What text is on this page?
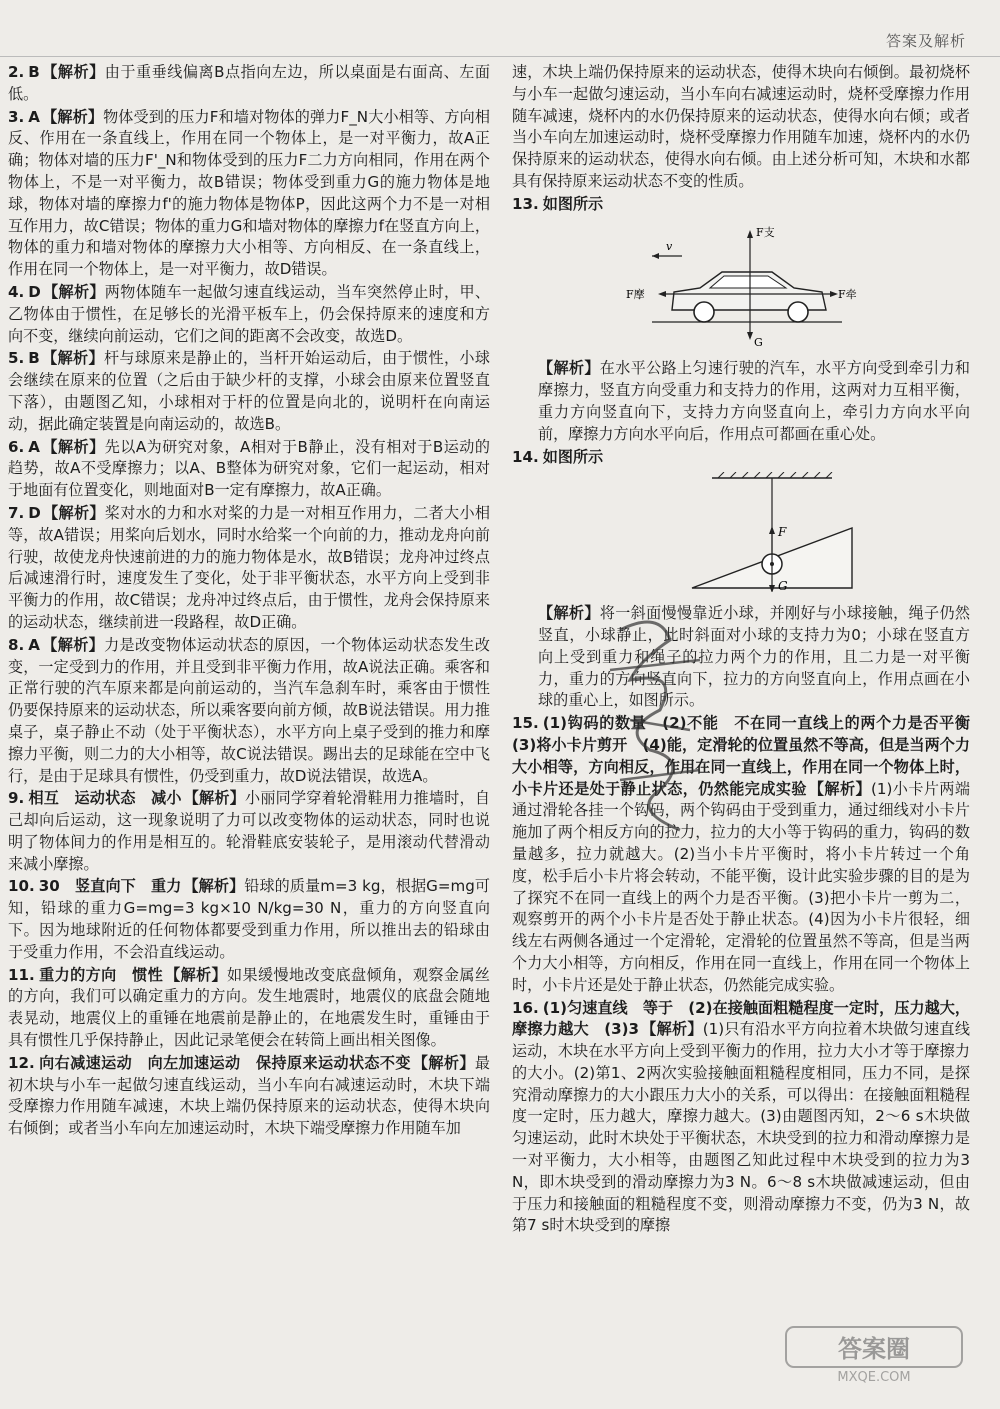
答案及解析

2. B 【解析】由于重垂线偏离B点指向左边，所以桌面是右面高、左面低。

3. A 【解析】物体受到的压力F和墙对物体的弹力F_N大小相等、方向相反、作用在一条直线上，作用在同一个物体上，是一对平衡力，故A正确；物体对墙的压力F'_N和物体受到的压力F二力方向相同，作用在两个物体上，不是一对平衡力，故B错误；物体受到重力G的施力物体是地球，物体对墙的摩擦力f'的施力物体是物体P，因此这两个力不是一对相互作用力，故C错误；物体的重力G和墙对物体的摩擦力f在竖直方向上，物体的重力和墙对物体的摩擦力大小相等、方向相反、在一条直线上，作用在同一个物体上，是一对平衡力，故D错误。

4. D 【解析】两物体随车一起做匀速直线运动，当车突然停止时，甲、乙物体由于惯性，在足够长的光滑平板车上，仍会保持原来的速度和方向不变，继续向前运动，它们之间的距离不会改变，故选D。

5. B 【解析】杆与球原来是静止的，当杆开始运动后，由于惯性，小球会继续在原来的位置（之后由于缺少杆的支撑，小球会由原来位置竖直下落），由题图乙知，小球相对于杆的位置是向北的，说明杆在向南运动，据此确定装置是向南运动的，故选B。

6. A 【解析】先以A为研究对象，A相对于B静止，没有相对于B运动的趋势，故A不受摩擦力；以A、B整体为研究对象，它们一起运动，相对于地面有位置变化，则地面对B一定有摩擦力，故A正确。

7. D 【解析】桨对水的力和水对桨的力是一对相互作用力，二者大小相等，故A错误；用桨向后划水，同时水给桨一个向前的力，推动龙舟向前行驶，故使龙舟快速前进的力的施力物体是水，故B错误；龙舟冲过终点后减速滑行时，速度发生了变化，处于非平衡状态，水平方向上受到非平衡力的作用，故C错误；龙舟冲过终点后，由于惯性，龙舟会保持原来的运动状态，继续前进一段路程，故D正确。

8. A 【解析】力是改变物体运动状态的原因，一个物体运动状态发生改变，一定受到力的作用，并且受到非平衡力作用，故A说法正确。乘客和正常行驶的汽车原来都是向前运动的，当汽车急刹车时，乘客由于惯性仍要保持原来的运动状态，所以乘客要向前方倾，故B说法错误。用力推桌子，桌子静止不动（处于平衡状态），水平方向上桌子受到的推力和摩擦力平衡，则二力的大小相等，故C说法错误。踢出去的足球能在空中飞行，是由于足球具有惯性，仍受到重力，故D说法错误，故选A。

9. 相互　运动状态　减小 【解析】小丽同学穿着轮滑鞋用力推墙时，自己却向后运动，这一现象说明了力可以改变物体的运动状态，同时也说明了物体间力的作用是相互的。轮滑鞋底安装轮子，是用滚动代替滑动来减小摩擦。

10. 30　竖直向下　重力 【解析】铅球的质量m=3 kg，根据G=mg可知，铅球的重力G=mg=3 kg×10 N/kg=30 N，重力的方向竖直向下。因为地球附近的任何物体都要受到重力作用，所以推出去的铅球由于受重力作用，不会沿直线运动。

11. 重力的方向　惯性 【解析】如果缓慢地改变底盘倾角，观察金属丝的方向，我们可以确定重力的方向。发生地震时，地震仪的底盘会随地表晃动，地震仪上的重锤在地震前是静止的，在地震发生时，重锤由于具有惯性几乎保持静止，因此记录笔便会在转筒上画出相关图像。

12. 向右减速运动　向左加速运动　保持原来运动状态不变 【解析】最初木块与小车一起做匀速直线运动，当小车向右减速运动时，木块下端受摩擦力作用随车减速，木块上端仍保持原来的运动状态，使得木块向右倾倒；或者当小车向左加速运动时，木块下端受摩擦力作用随车加

速，木块上端仍保持原来的运动状态，使得木块向右倾倒。最初烧杯与小车一起做匀速运动，当小车向右减速运动时，烧杯受摩擦力作用随车减速，烧杯内的水仍保持原来的运动状态，使得水向右倾；或者当小车向左加速运动时，烧杯受摩擦力作用随车加速，烧杯内的水仍保持原来的运动状态，使得水向右倾。由上述分析可知，木块和水都具有保持原来运动状态不变的性质。

13. 如图所示

v
F支
G
F摩	F牵

【解析】在水平公路上匀速行驶的汽车，水平方向受到牵引力和摩擦力，竖直方向受重力和支持力的作用，这两对力互相平衡，重力方向竖直向下，支持力方向竖直向上，牵引力方向水平向前，摩擦力方向水平向后，作用点可都画在重心处。

14. 如图所示

F
G

【解析】将一斜面慢慢靠近小球，并刚好与小球接触，绳子仍然竖直，小球静止，此时斜面对小球的支持力为0；小球在竖直方向上受到重力和绳子的拉力两个力的作用，且二力是一对平衡力，重力的方向竖直向下，拉力的方向竖直向上，作用点画在小球的重心上，如图所示。

15. (1)钩码的数量　(2)不能　不在同一直线上的两个力是否平衡　(3)将小卡片剪开　(4)能，定滑轮的位置虽然不等高，但是当两个力大小相等，方向相反，作用在同一直线上，作用在同一个物体上时，小卡片还是处于静止状态，仍然能完成实验 【解析】(1)小卡片两端通过滑轮各挂一个钩码，两个钩码由于受到重力，通过细线对小卡片施加了两个相反方向的拉力，拉力的大小等于钩码的重力，钩码的数量越多，拉力就越大。(2)当小卡片平衡时，将小卡片转过一个角度，松手后小卡片将会转动，不能平衡，设计此实验步骤的目的是为了探究不在同一直线上的两个力是否平衡。(3)把小卡片一剪为二，观察剪开的两个小卡片是否处于静止状态。(4)因为小卡片很轻，细线左右两侧各通过一个定滑轮，定滑轮的位置虽然不等高，但是当两个力大小相等，方向相反，作用在同一直线上，作用在同一个物体上时，小卡片还是处于静止状态，仍然能完成实验。

16. (1)匀速直线　等于　(2)在接触面粗糙程度一定时，压力越大，摩擦力越大　(3)3 【解析】(1)只有沿水平方向拉着木块做匀速直线运动，木块在水平方向上受到平衡力的作用，拉力大小才等于摩擦力的大小。(2)第1、2两次实验接触面粗糙程度相同，压力不同，是探究滑动摩擦力的大小跟压力大小的关系，可以得出：在接触面粗糙程度一定时，压力越大，摩擦力越大。(3)由题图丙知，2～6 s木块做匀速运动，此时木块处于平衡状态，木块受到的拉力和滑动摩擦力是一对平衡力，大小相等，由题图乙知此过程中木块受到的拉力为3 N，即木块受到的滑动摩擦力为3 N。6～8 s木块做减速运动，但由于压力和接触面的粗糙程度不变，则滑动摩擦力不变，仍为3 N，故第7 s时木块受到的摩擦

答案圈
MXQE.COM
